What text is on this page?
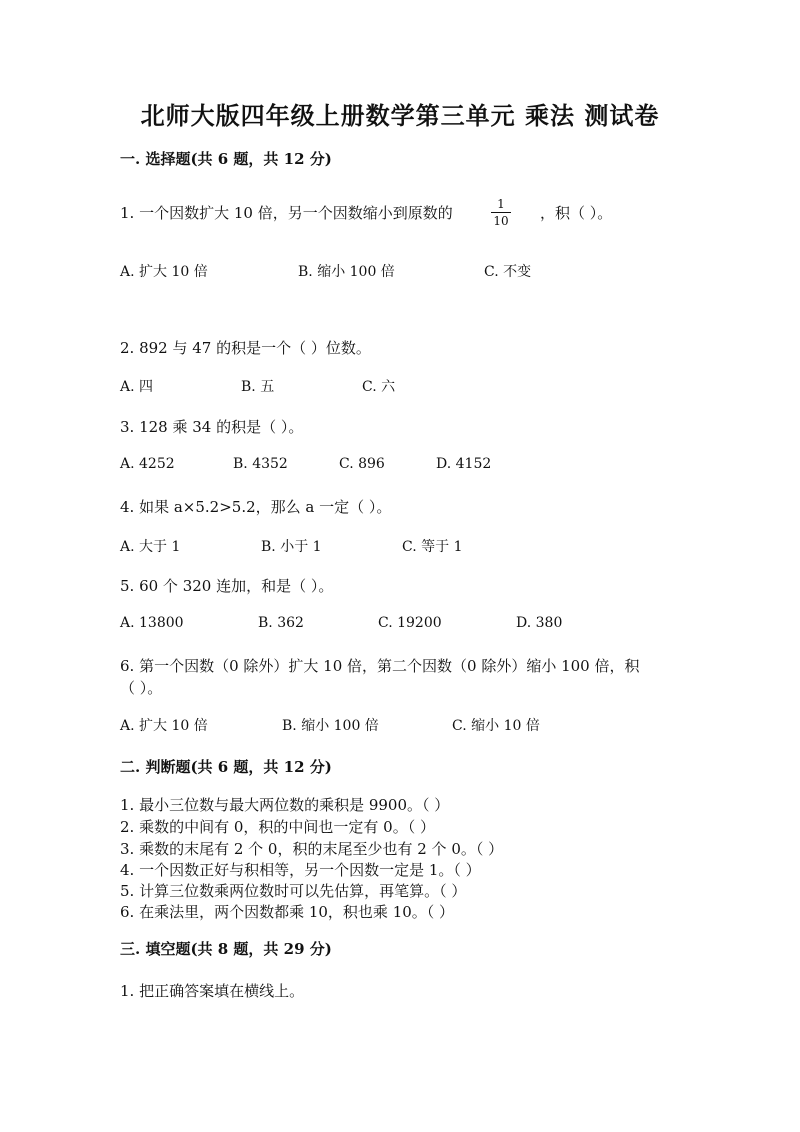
北师大版四年级上册数学第三单元 乘法 测试卷
一. 选择题(共 6 题，共 12 分)
1. 一个因数扩大 10 倍，另一个因数缩小到原数的	1
10 ，积（ ）。
A. 扩大 10 倍	B. 缩小 100 倍	C. 不变
2. 892 与 47 的积是一个（ ）位数。
A. 四	B. 五	C. 六
3. 128 乘 34 的积是（ ）。
A. 4252	B. 4352	C. 896	D. 4152
4. 如果 a×5.2>5.2，那么 a 一定（ ）。
A. 大于 1	B. 小于 1	C. 等于 1
5. 60 个 320 连加，和是（ ）。
A. 13800	B. 362	C. 19200	D. 380
6. 第一个因数（0 除外）扩大 10 倍，第二个因数（0 除外）缩小 100 倍，积
（ ）。
A. 扩大 10 倍	B. 缩小 100 倍	C. 缩小 10 倍
二. 判断题(共 6 题，共 12 分)
1. 最小三位数与最大两位数的乘积是 9900。（ ）
2. 乘数的中间有 0，积的中间也一定有 0。（ ）
3. 乘数的末尾有 2 个 0，积的末尾至少也有 2 个 0。（ ）
4. 一个因数正好与积相等，另一个因数一定是 1。（ ）
5. 计算三位数乘两位数时可以先估算，再笔算。（ ）
6. 在乘法里，两个因数都乘 10，积也乘 10。（ ）
三. 填空题(共 8 题，共 29 分)
1. 把正确答案填在横线上。
